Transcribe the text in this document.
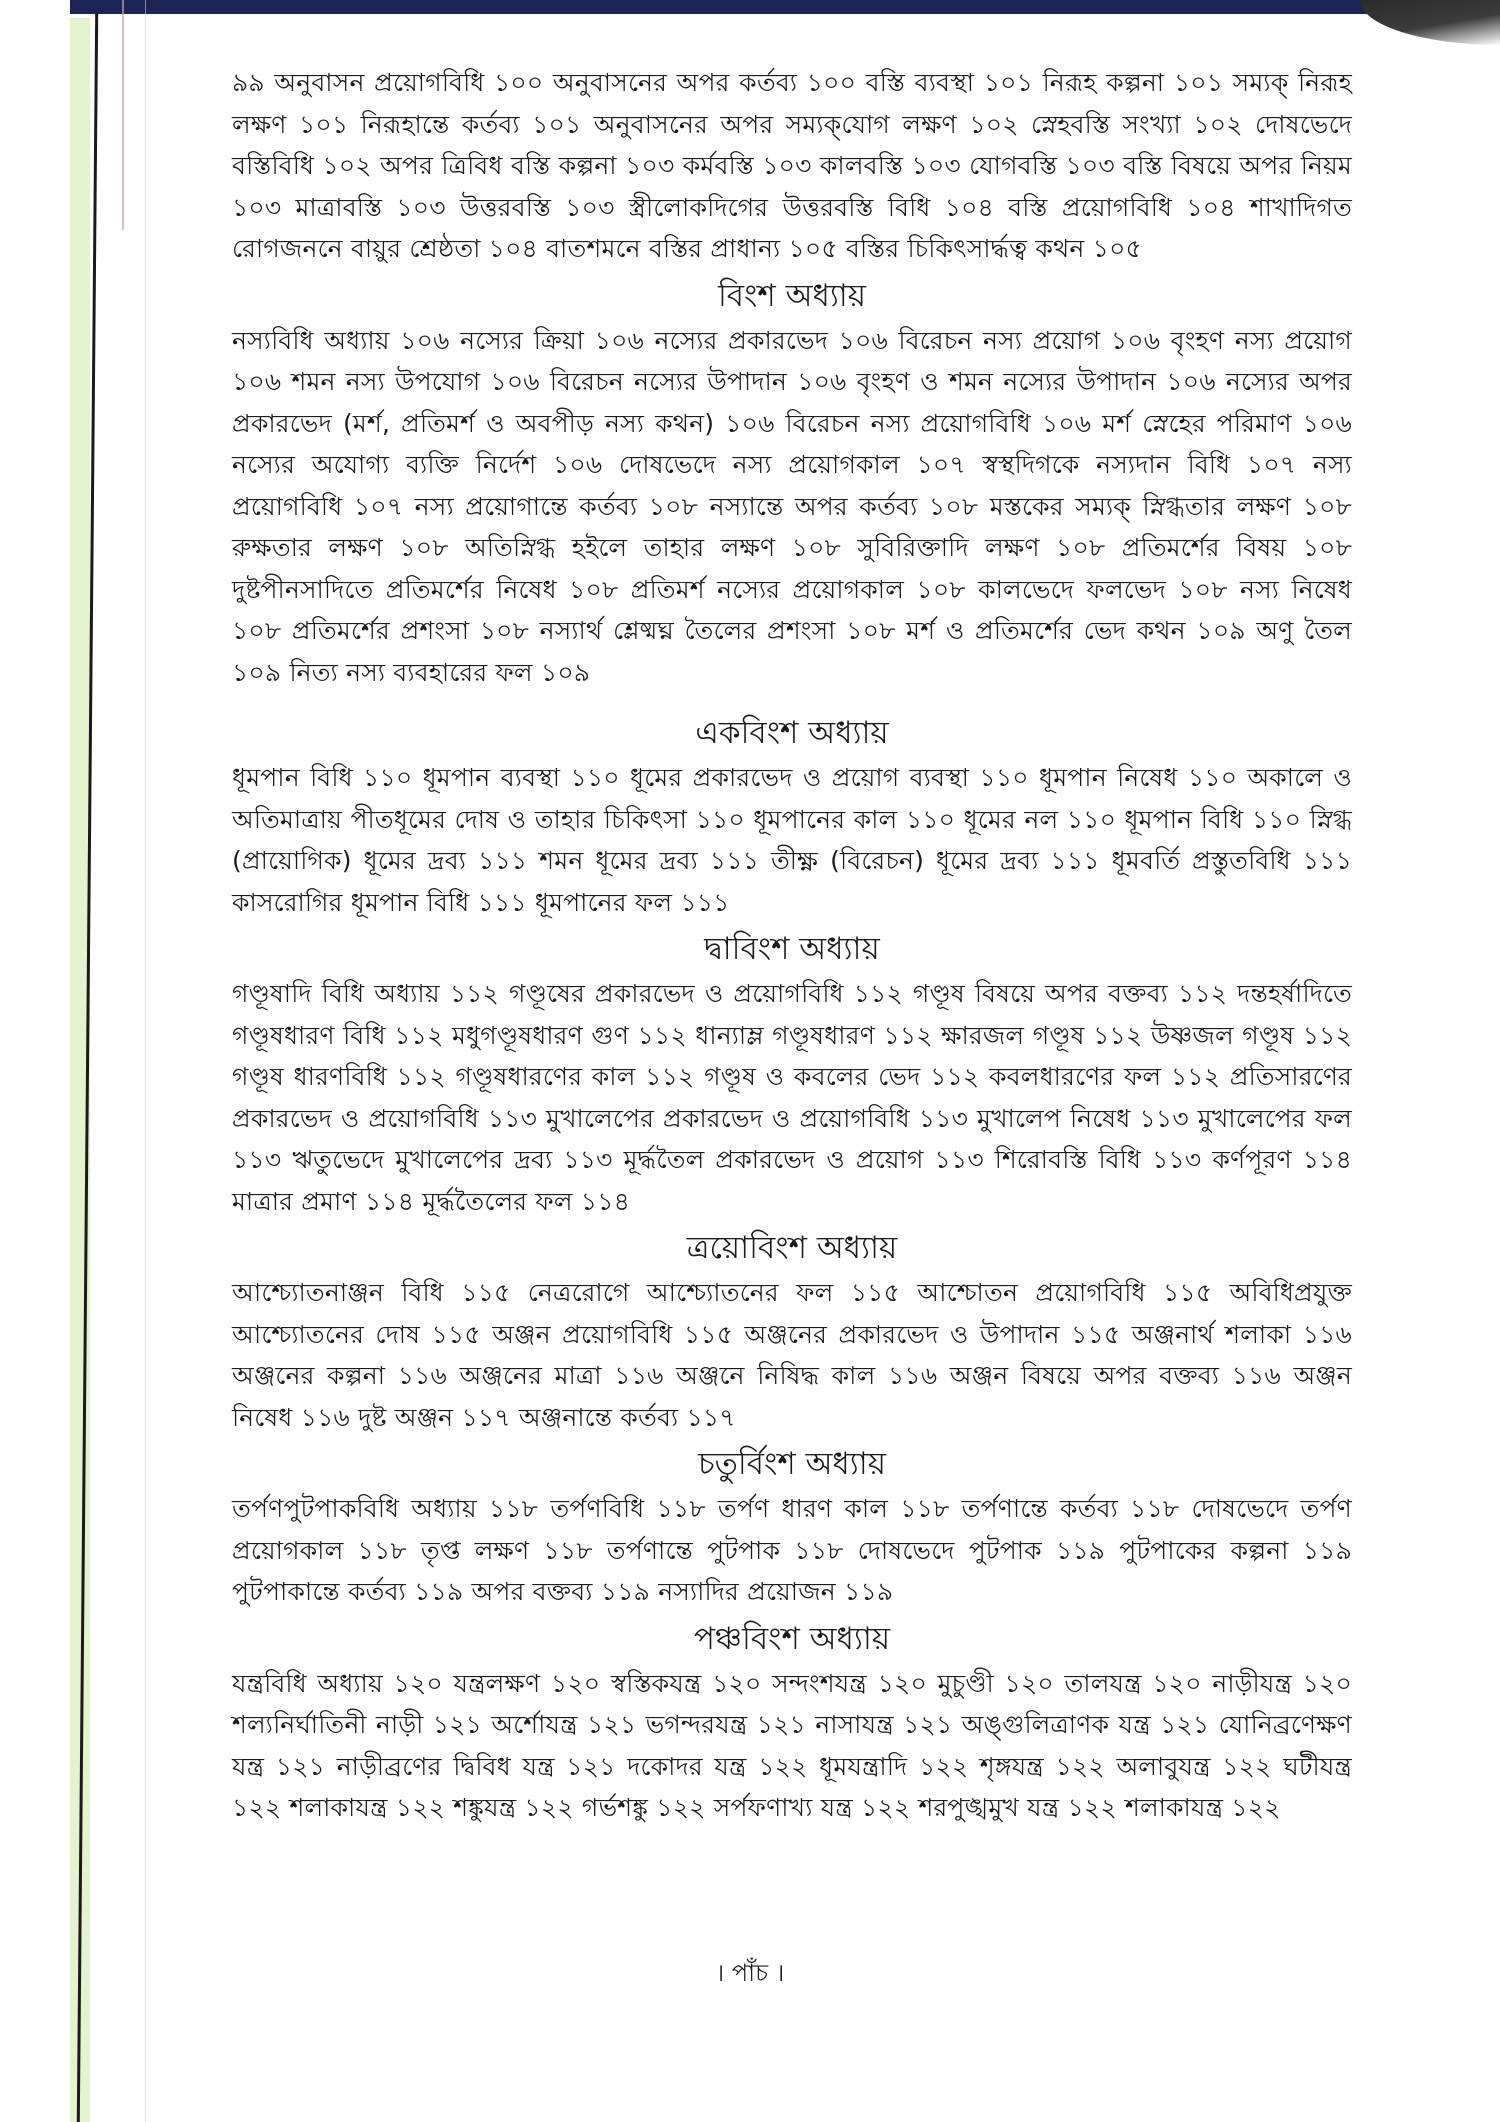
৯৯ অনুবাসন প্রয়োগবিধি ১০০ অনুবাসনের অপর কর্তব্য ১০০ বস্তি ব্যবস্থা ১০১ নিরূহ কল্পনা ১০১ সম্যক্ নিরূহ লক্ষণ ১০১ নিরূহান্তে কর্তব্য ১০১ অনুবাসনের অপর সম্যক্‌যোগ লক্ষণ ১০২ স্নেহবস্তি সংখ্যা ১০২ দোষভেদে বস্তিবিধি ১০২ অপর ত্রিবিধ বস্তি কল্পনা ১০৩ কর্মবস্তি ১০৩ কালবস্তি ১০৩ যোগবস্তি ১০৩ বস্তি বিষয়ে অপর নিয়ম ১০৩ মাত্রাবস্তি ১০৩ উত্তরবস্তি ১০৩ স্ত্রীলোকদিগের উত্তরবস্তি বিধি ১০৪ বস্তি প্রয়োগবিধি ১০৪ শাখাদিগত রোগজননে বায়ুর শ্রেষ্ঠতা ১০৪ বাতশমনে বস্তির প্রাধান্য ১০৫ বস্তির চিকিৎসার্দ্ধত্ব কথন ১০৫

বিংশ অধ্যায়

নস্যবিধি অধ্যায় ১০৬ নস্যের ক্রিয়া ১০৬ নস্যের প্রকারভেদ ১০৬ বিরেচন নস্য প্রয়োগ ১০৬ বৃংহণ নস্য প্রয়োগ ১০৬ শমন নস্য উপযোগ ১০৬ বিরেচন নস্যের উপাদান ১০৬ বৃংহণ ও শমন নস্যের উপাদান ১০৬ নস্যের অপর প্রকারভেদ (মর্শ, প্রতিমর্শ ও অবপীড় নস্য কথন) ১০৬ বিরেচন নস্য প্রয়োগবিধি ১০৬ মর্শ স্নেহের পরিমাণ ১০৬ নস্যের অযোগ্য ব্যক্তি নির্দেশ ১০৬ দোষভেদে নস্য প্রয়োগকাল ১০৭ স্বস্থদিগকে নস্যদান বিধি ১০৭ নস্য প্রয়োগবিধি ১০৭ নস্য প্রয়োগান্তে কর্তব্য ১০৮ নস্যান্তে অপর কর্তব্য ১০৮ মস্তকের সম্যক্ স্নিগ্ধতার লক্ষণ ১০৮ রুক্ষতার লক্ষণ ১০৮ অতিস্নিগ্ধ হইলে তাহার লক্ষণ ১০৮ সুবিরিক্তাদি লক্ষণ ১০৮ প্রতিমর্শের বিষয় ১০৮ দুষ্টপীনসাদিতে প্রতিমর্শের নিষেধ ১০৮ প্রতিমর্শ নস্যের প্রয়োগকাল ১০৮ কালভেদে ফলভেদ ১০৮ নস্য নিষেধ ১০৮ প্রতিমর্শের প্রশংসা ১০৮ নস্যার্থ শ্লেষ্মঘ্ন তৈলের প্রশংসা ১০৮ মর্শ ও প্রতিমর্শের ভেদ কথন ১০৯ অণু তৈল ১০৯ নিত্য নস্য ব্যবহারের ফল ১০৯

একবিংশ অধ্যায়

ধূমপান বিধি ১১০ ধূমপান ব্যবস্থা ১১০ ধূমের প্রকারভেদ ও প্রয়োগ ব্যবস্থা ১১০ ধূমপান নিষেধ ১১০ অকালে ও অতিমাত্রায় পীতধূমের দোষ ও তাহার চিকিৎসা ১১০ ধূমপানের কাল ১১০ ধূমের নল ১১০ ধূমপান বিধি ১১০ স্নিগ্ধ (প্রায়োগিক) ধূমের দ্রব্য ১১১ শমন ধূমের দ্রব্য ১১১ তীক্ষ্ণ (বিরেচন) ধূমের দ্রব্য ১১১ ধূমবর্তি প্রস্তুতবিধি ১১১ কাসরোগির ধূমপান বিধি ১১১ ধূমপানের ফল ১১১

দ্বাবিংশ অধ্যায়

গণ্ডূষাদি বিধি অধ্যায় ১১২ গণ্ডূষের প্রকারভেদ ও প্রয়োগবিধি ১১২ গণ্ডূষ বিষয়ে অপর বক্তব্য ১১২ দন্তহর্ষাদিতে গণ্ডূষধারণ বিধি ১১২ মধুগণ্ডূষধারণ গুণ ১১২ ধান্যাম্ল গণ্ডূষধারণ ১১২ ক্ষারজল গণ্ডূষ ১১২ উষ্ণজল গণ্ডূষ ১১২ গণ্ডূষ ধারণবিধি ১১২ গণ্ডূষধারণের কাল ১১২ গণ্ডূষ ও কবলের ভেদ ১১২ কবলধারণের ফল ১১২ প্রতিসারণের প্রকারভেদ ও প্রয়োগবিধি ১১৩ মুখালেপের প্রকারভেদ ও প্রয়োগবিধি ১১৩ মুখালেপ নিষেধ ১১৩ মুখালেপের ফল ১১৩ ঋতুভেদে মুখালেপের দ্রব্য ১১৩ মূর্দ্ধতৈল প্রকারভেদ ও প্রয়োগ ১১৩ শিরোবস্তি বিধি ১১৩ কর্ণপূরণ ১১৪ মাত্রার প্রমাণ ১১৪ মূর্দ্ধতৈলের ফল ১১৪

ত্রয়োবিংশ অধ্যায়

আশ্চ্যোতনাঞ্জন বিধি ১১৫ নেত্ররোগে আশ্চ্যোতনের ফল ১১৫ আশ্চোতন প্রয়োগবিধি ১১৫ অবিধিপ্রযুক্ত আশ্চ্যোতনের দোষ ১১৫ অঞ্জন প্রয়োগবিধি ১১৫ অঞ্জনের প্রকারভেদ ও উপাদান ১১৫ অঞ্জনার্থ শলাকা ১১৬ অঞ্জনের কল্পনা ১১৬ অঞ্জনের মাত্রা ১১৬ অঞ্জনে নিষিদ্ধ কাল ১১৬ অঞ্জন বিষয়ে অপর বক্তব্য ১১৬ অঞ্জন নিষেধ ১১৬ দুষ্ট অঞ্জন ১১৭ অঞ্জনান্তে কর্তব্য ১১৭

চতুর্বিংশ অধ্যায়

তর্পণপুটপাকবিধি অধ্যায় ১১৮ তর্পণবিধি ১১৮ তর্পণ ধারণ কাল ১১৮ তর্পণান্তে কর্তব্য ১১৮ দোষভেদে তর্পণ প্রয়োগকাল ১১৮ তৃপ্ত লক্ষণ ১১৮ তর্পণান্তে পুটপাক ১১৮ দোষভেদে পুটপাক ১১৯ পুটপাকের কল্পনা ১১৯ পুটপাকান্তে কর্তব্য ১১৯ অপর বক্তব্য ১১৯ নস্যাদির প্রয়োজন ১১৯

পঞ্চবিংশ অধ্যায়

যন্ত্রবিধি অধ্যায় ১২০ যন্ত্রলক্ষণ ১২০ স্বস্তিকযন্ত্র ১২০ সন্দংশযন্ত্র ১২০ মুচুণ্ডী ১২০ তালযন্ত্র ১২০ নাড়ীযন্ত্র ১২০ শল্যনির্ঘাতিনী নাড়ী ১২১ অর্শোযন্ত্র ১২১ ভগন্দরযন্ত্র ১২১ নাসাযন্ত্র ১২১ অঙ্গুলিত্রাণক যন্ত্র ১২১ যোনিব্রণেক্ষণ যন্ত্র ১২১ নাড়ীব্রণের দ্বিবিধ যন্ত্র ১২১ দকোদর যন্ত্র ১২২ ধূমযন্ত্রাদি ১২২ শৃঙ্গযন্ত্র ১২২ অলাবুযন্ত্র ১২২ ঘটীযন্ত্র ১২২ শলাকাযন্ত্র ১২২ শঙ্কুযন্ত্র ১২২ গর্ভশঙ্কু ১২২ সর্পফণাখ্য যন্ত্র ১২২ শরপুঙ্খমুখ যন্ত্র ১২২ শলাকাযন্ত্র ১২২

। পাঁচ ।
